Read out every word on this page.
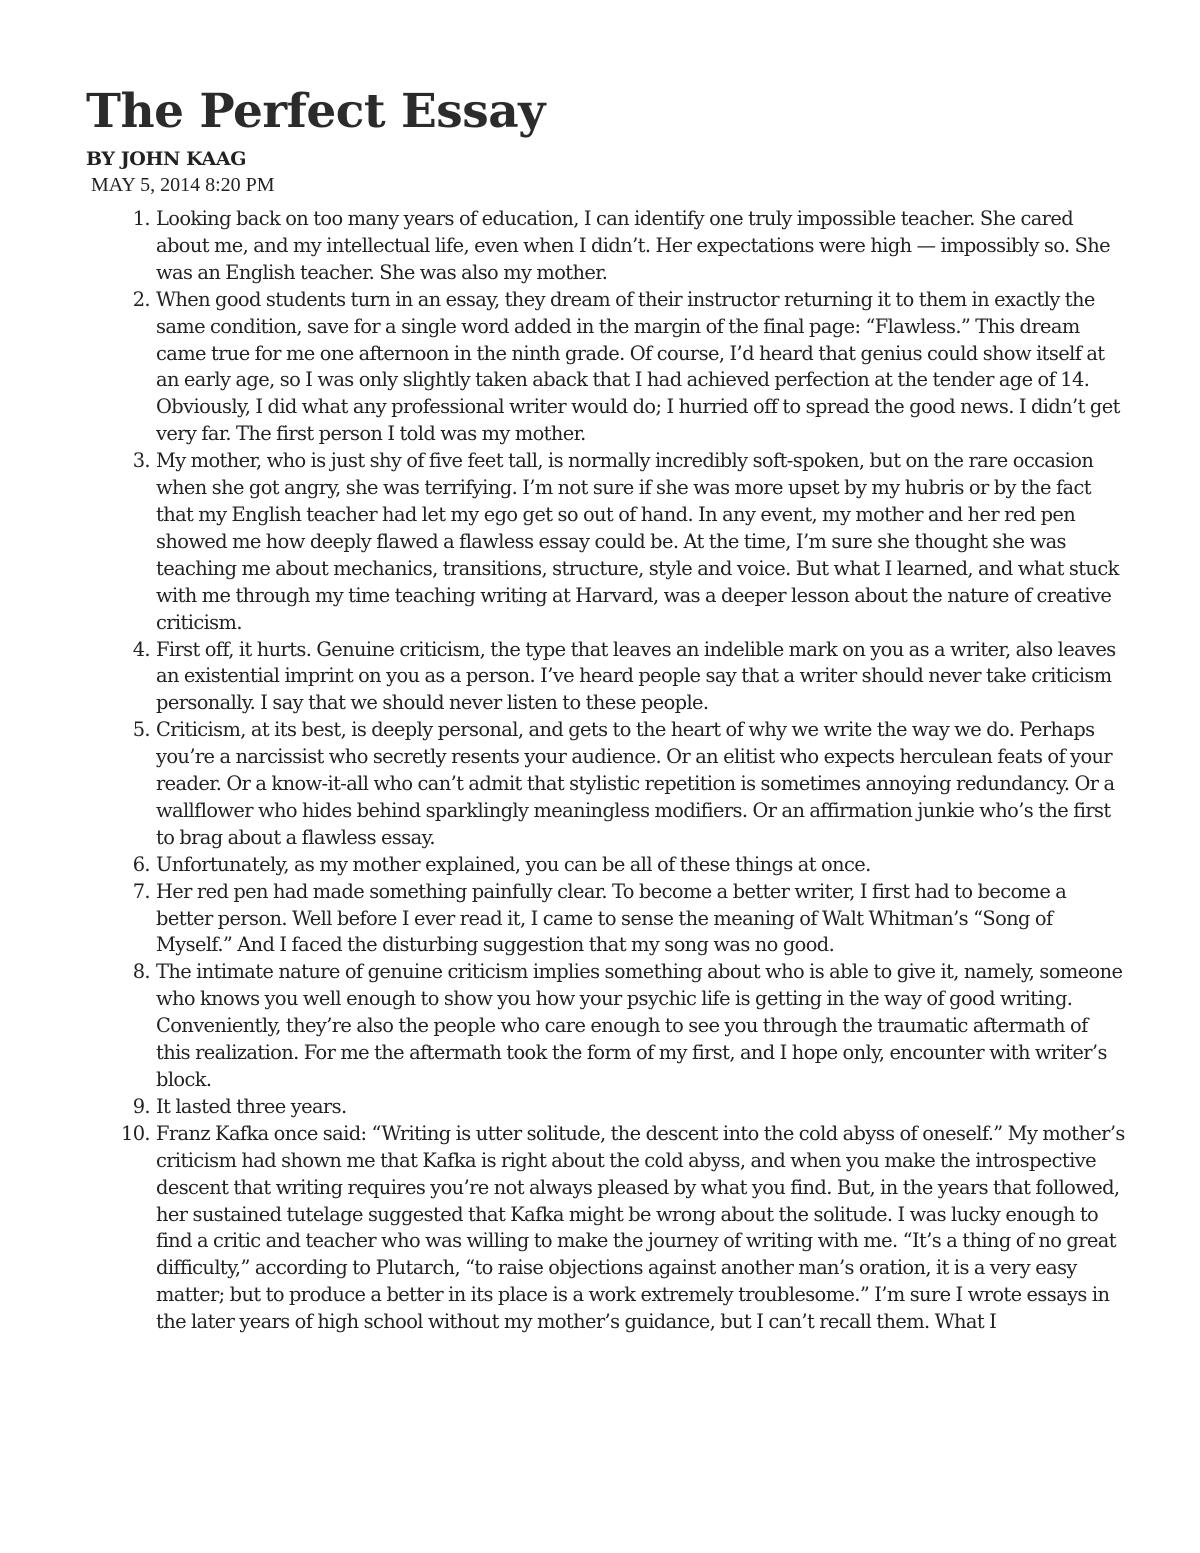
The Perfect Essay
BY JOHN KAAG
MAY 5, 2014 8:20 PM
1. Looking back on too many years of education, I can identify one truly impossible teacher. She cared about me, and my intellectual life, even when I didn’t. Her expectations were high — impossibly so. She was an English teacher. She was also my mother.
2. When good students turn in an essay, they dream of their instructor returning it to them in exactly the same condition, save for a single word added in the margin of the final page: “Flawless.” This dream came true for me one afternoon in the ninth grade. Of course, I’d heard that genius could show itself at an early age, so I was only slightly taken aback that I had achieved perfection at the tender age of 14. Obviously, I did what any professional writer would do; I hurried off to spread the good news. I didn’t get very far. The first person I told was my mother.
3. My mother, who is just shy of five feet tall, is normally incredibly soft-spoken, but on the rare occasion when she got angry, she was terrifying. I’m not sure if she was more upset by my hubris or by the fact that my English teacher had let my ego get so out of hand. In any event, my mother and her red pen showed me how deeply flawed a flawless essay could be. At the time, I’m sure she thought she was teaching me about mechanics, transitions, structure, style and voice. But what I learned, and what stuck with me through my time teaching writing at Harvard, was a deeper lesson about the nature of creative criticism.
4. First off, it hurts. Genuine criticism, the type that leaves an indelible mark on you as a writer, also leaves an existential imprint on you as a person. I’ve heard people say that a writer should never take criticism personally. I say that we should never listen to these people.
5. Criticism, at its best, is deeply personal, and gets to the heart of why we write the way we do. Perhaps you’re a narcissist who secretly resents your audience. Or an elitist who expects herculean feats of your reader. Or a know-it-all who can’t admit that stylistic repetition is sometimes annoying redundancy. Or a wallflower who hides behind sparklingly meaningless modifiers. Or an affirmation junkie who’s the first to brag about a flawless essay.
6. Unfortunately, as my mother explained, you can be all of these things at once.
7. Her red pen had made something painfully clear. To become a better writer, I first had to become a better person. Well before I ever read it, I came to sense the meaning of Walt Whitman’s “Song of Myself.” And I faced the disturbing suggestion that my song was no good.
8. The intimate nature of genuine criticism implies something about who is able to give it, namely, someone who knows you well enough to show you how your psychic life is getting in the way of good writing. Conveniently, they’re also the people who care enough to see you through the traumatic aftermath of this realization. For me the aftermath took the form of my first, and I hope only, encounter with writer’s block.
9. It lasted three years.
10. Franz Kafka once said: “Writing is utter solitude, the descent into the cold abyss of oneself.” My mother’s criticism had shown me that Kafka is right about the cold abyss, and when you make the introspective descent that writing requires you’re not always pleased by what you find. But, in the years that followed, her sustained tutelage suggested that Kafka might be wrong about the solitude. I was lucky enough to find a critic and teacher who was willing to make the journey of writing with me. “It’s a thing of no great difficulty,” according to Plutarch, “to raise objections against another man’s oration, it is a very easy matter; but to produce a better in its place is a work extremely troublesome.” I’m sure I wrote essays in the later years of high school without my mother’s guidance, but I can’t recall them. What I
